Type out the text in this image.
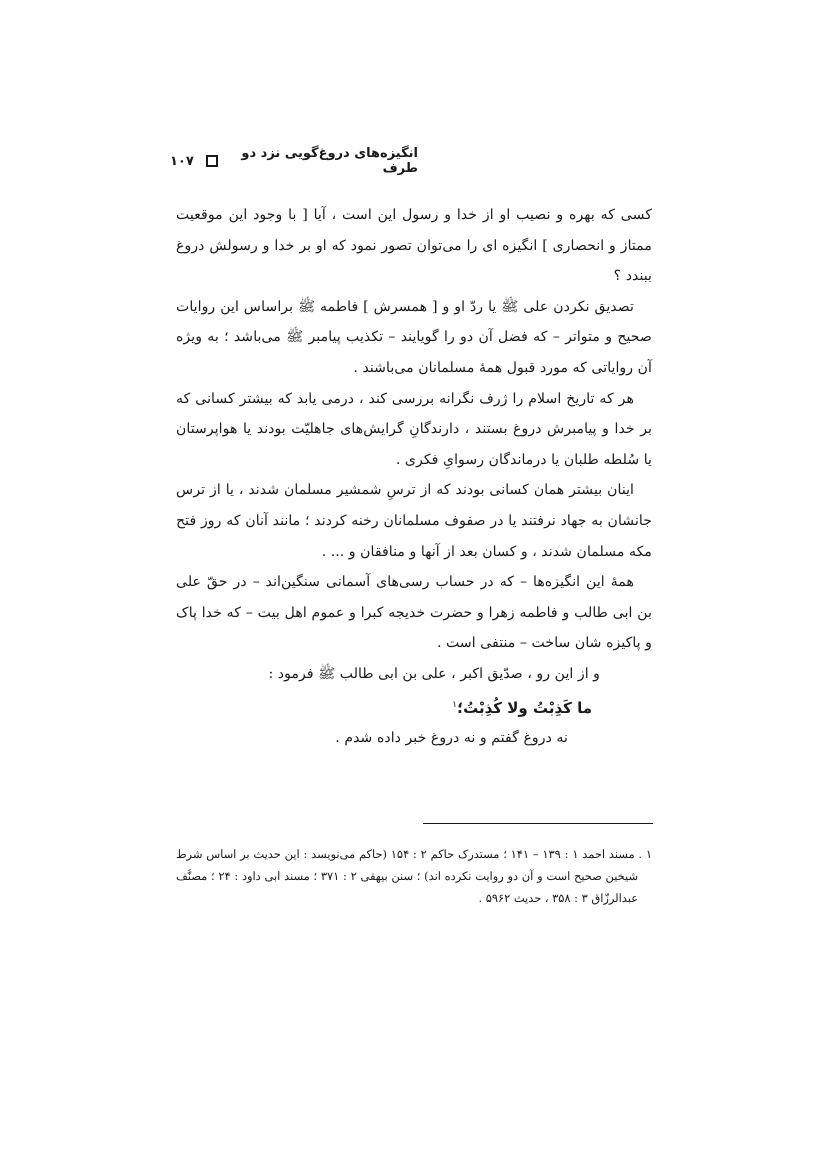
انگیزه‌های دروغ‌گویی نزد دو طرف
۱۰۷

کسی که بهره و نصیب او از خدا و رسول این است ، آیا [ با وجود این موقعیت ممتاز و انحصاری ] انگیزه ای را می‌توان تصور نمود که او بر خدا و رسولش دروغ ببندد ؟

تصدیق نکردن علی ﷺ یا ردّ او و [ همسرش ] فاطمه ﷺ براساس این روایات صحیح و متواتر – که فضل آن دو را گویایند – تکذیب پیامبر ﷺ می‌باشد ؛ به ویژه آن روایاتی که مورد قبول همهٔ مسلمانان می‌باشند .

هر که تاریخ اسلام را ژرف نگرانه بررسی کند ، درمی یابد که بیشتر کسانی که بر خدا و پیامبرش دروغ بستند ، دارندگانِ گرایش‌های جاهلیّت بودند یا هواپرستان یا سُلطه طلبان یا درماندگان رسوایِ فکری .

اینان بیشتر همان کسانی بودند که از ترسِ شمشیر مسلمان شدند ، یا از ترس جانشان به جهاد نرفتند یا در صفوف مسلمانان رخنه کردند ؛ مانند آنان که روز فتح مکه مسلمان شدند ، و کسان بعد از آنها و منافقان و ... .

همهٔ این انگیزه‌ها – که در حساب رسی‌های آسمانی سنگین‌اند – در حقّ علی بن ابی طالب و فاطمه زهرا و حضرت خدیجه کبرا و عموم اهل بیت – که خدا پاک و پاکیزه شان ساخت – منتفی است .

و از این رو ، صدّیق اکبر ، علی بن ابی طالب ﷺ فرمود :

ما كَذِبْتُ ولا كُذِبْتُ؛$^۱$

نه دروغ گفتم و نه دروغ خبر داده شدم .

۱ . مسند احمد ۱ : ۱۳۹ – ۱۴۱ ؛ مستدرک حاکم ۲ : ۱۵۴ (حاکم می‌نویسد : این حدیث بر اساس شرط شیخین صحیح است و آن دو روایت نکرده اند) ؛ سنن بیهقی ۲ : ۳۷۱ ؛ مسند ابی داود : ۲۴ ؛ مصنَّف عبدالرزّاق ۳ : ۳۵۸ ، حدیث ۵۹۶۲ .
